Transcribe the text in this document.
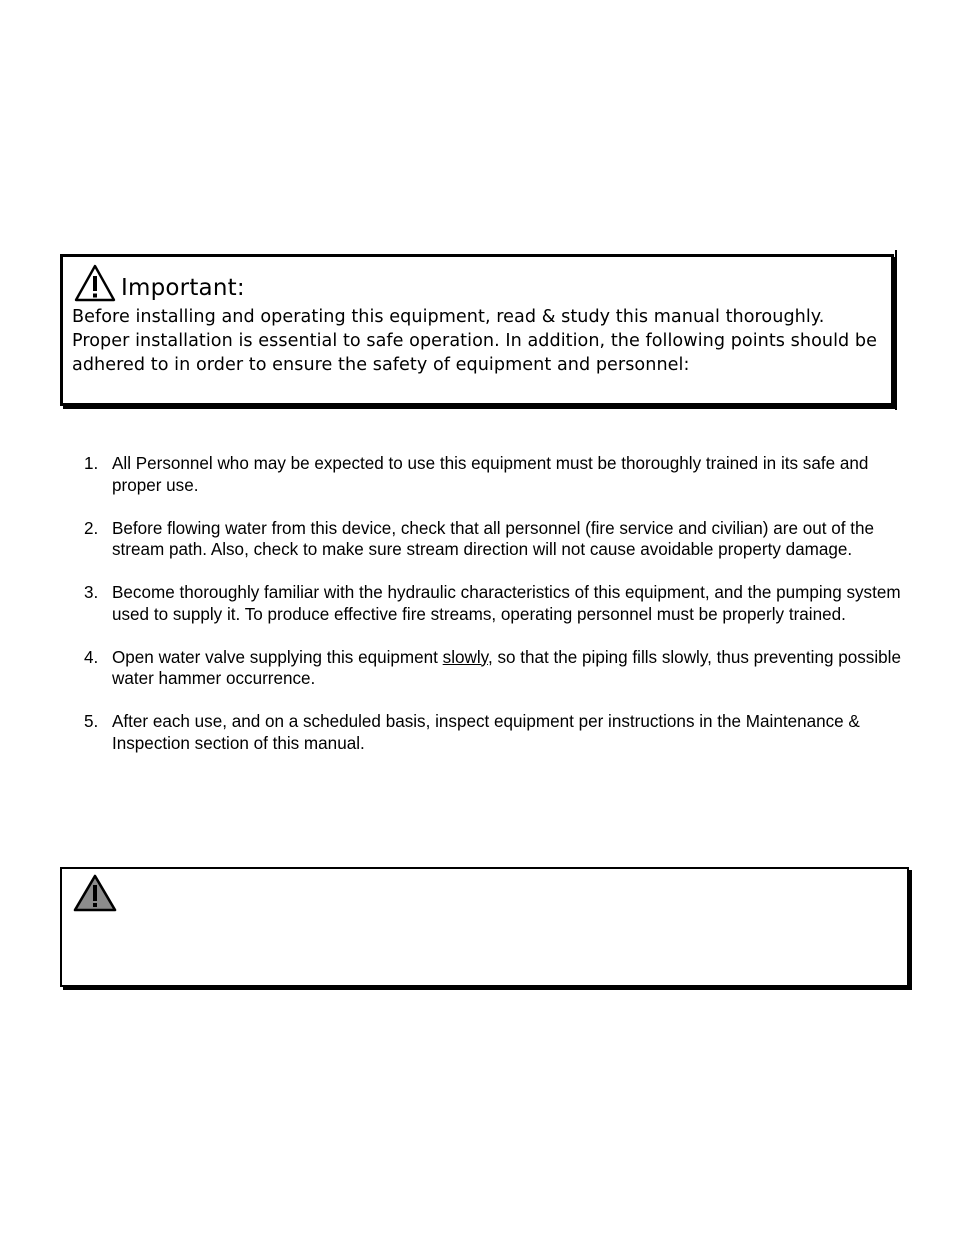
Important:
Before installing and operating this equipment, read & study this manual thoroughly. Proper installation is essential to safe operation. In addition, the following points should be adhered to in order to ensure the safety of equipment and personnel:
1. All Personnel who may be expected to use this equipment must be thoroughly trained in its safe and proper use.
2. Before flowing water from this device, check that all personnel (fire service and civilian) are out of the stream path. Also, check to make sure stream direction will not cause avoidable property damage.
3. Become thoroughly familiar with the hydraulic characteristics of this equipment, and the pumping system used to supply it. To produce effective fire streams, operating personnel must be properly trained.
4. Open water valve supplying this equipment slowly, so that the piping fills slowly, thus preventing possible water hammer occurrence.
5. After each use, and on a scheduled basis, inspect equipment per instructions in the Maintenance & Inspection section of this manual.
